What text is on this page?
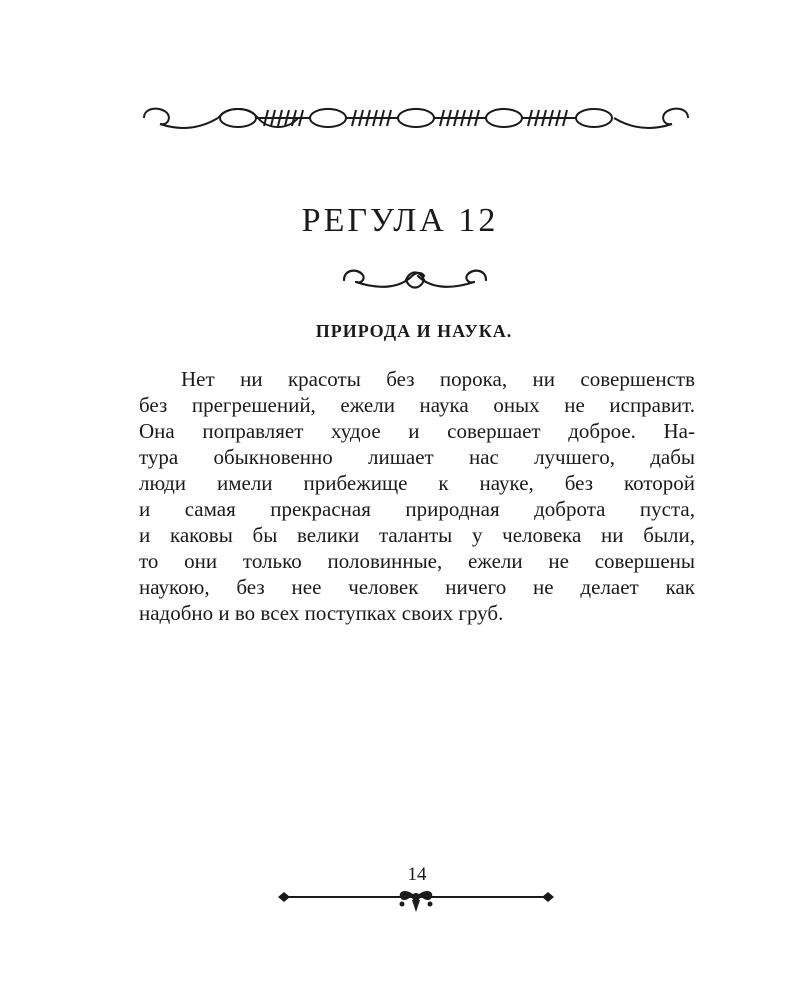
РЕГУЛА 12
ПРИРОДА И НАУКА.
Нет ни красоты без порока, ни совершенств
без прегрешений, ежели наука оных не исправит.
Она поправляет худое и совершает доброе. На-
тура обыкновенно лишает нас лучшего, дабы
люди имели прибежище к науке, без которой
и самая прекрасная природная доброта пуста,
и каковы бы велики таланты у человека ни были,
то они только половинные, ежели не совершены
наукою, без нее человек ничего не делает как
надобно и во всех поступках своих груб.
14
